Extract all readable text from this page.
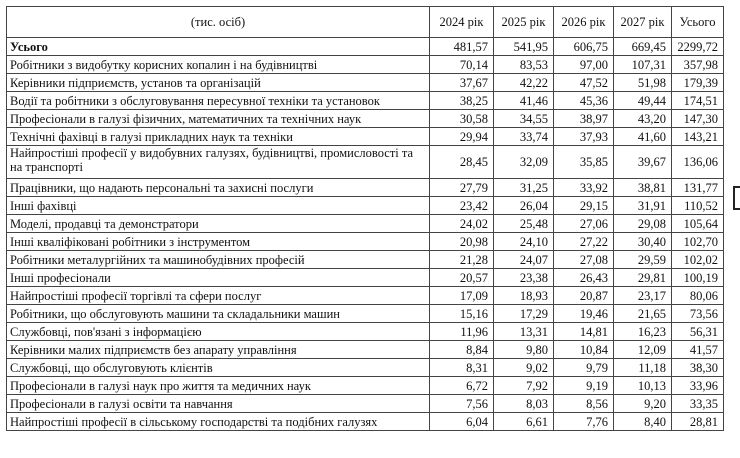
(тис. осіб)	2024 рік	2025 рік	2026 рік	2027 рік	Усього
Усього	481,57	541,95	606,75	669,45	2299,72
Робітники з видобутку корисних копалин і на будівництві	70,14	83,53	97,00	107,31	357,98
Керівники підприємств, установ та організацій	37,67	42,22	47,52	51,98	179,39
Водії та робітники з обслуговування пересувної техніки та установок	38,25	41,46	45,36	49,44	174,51
Професіонали в галузі фізичних, математичних та технічних наук	30,58	34,55	38,97	43,20	147,30
Технічні фахівці в галузі прикладних наук та техніки	29,94	33,74	37,93	41,60	143,21
Найпростіші професії у видобувних галузях, будівництві, промисловості та на транспорті	28,45	32,09	35,85	39,67	136,06
Працівники, що надають персональні та захисні послуги	27,79	31,25	33,92	38,81	131,77
Інші фахівці	23,42	26,04	29,15	31,91	110,52
Моделі, продавці та демонстратори	24,02	25,48	27,06	29,08	105,64
Інші кваліфіковані робітники з інструментом	20,98	24,10	27,22	30,40	102,70
Робітники металургійних та машинобудівних професій	21,28	24,07	27,08	29,59	102,02
Інші професіонали	20,57	23,38	26,43	29,81	100,19
Найпростіші професії торгівлі та сфери послуг	17,09	18,93	20,87	23,17	80,06
Робітники, що обслуговують машини та складальники машин	15,16	17,29	19,46	21,65	73,56
Службовці, пов'язані з інформацією	11,96	13,31	14,81	16,23	56,31
Керівники малих підприємств без апарату управління	8,84	9,80	10,84	12,09	41,57
Службовці, що обслуговують клієнтів	8,31	9,02	9,79	11,18	38,30
Професіонали в галузі наук про життя та медичних наук	6,72	7,92	9,19	10,13	33,96
Професіонали в галузі освіти та навчання	7,56	8,03	8,56	9,20	33,35
Найпростіші професії в сільському господарстві та подібних галузях	6,04	6,61	7,76	8,40	28,81
